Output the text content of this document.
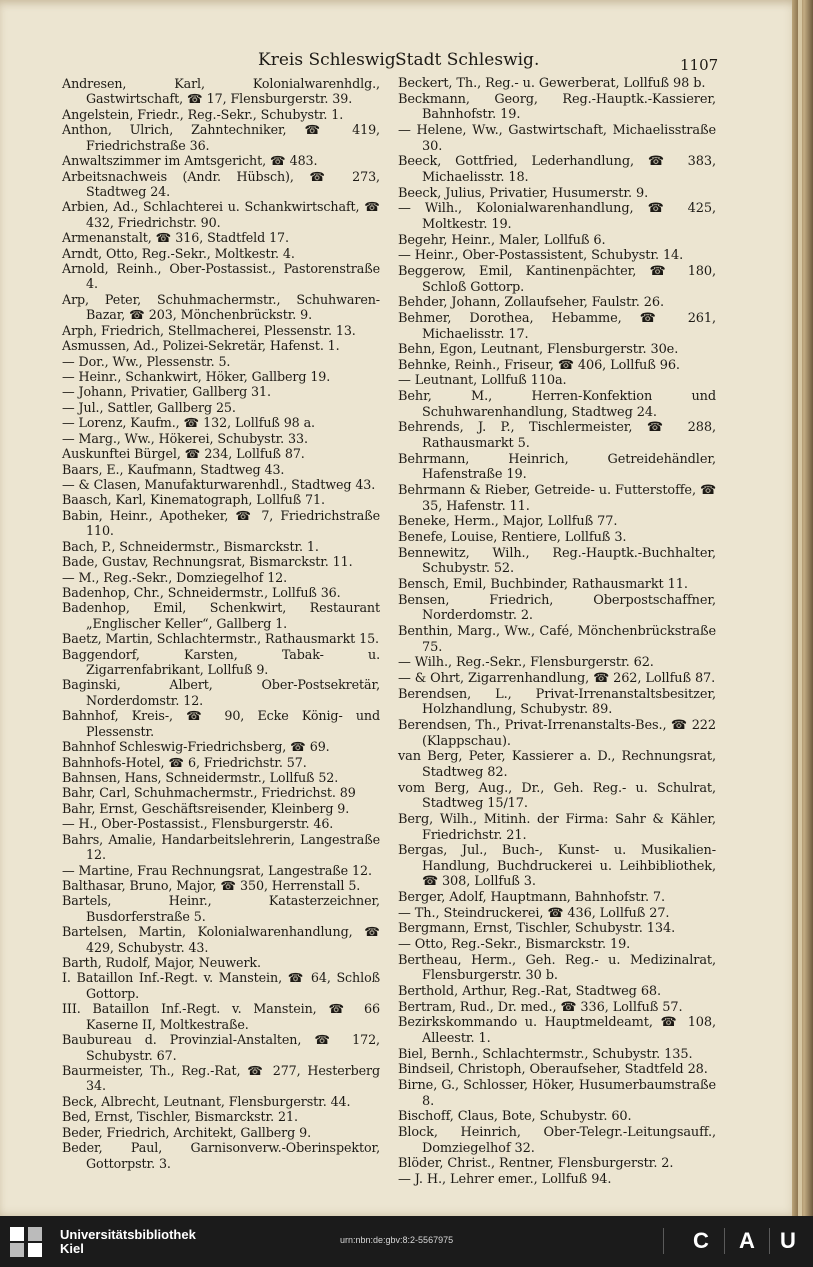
Kreis Schleswig.
Stadt Schleswig.	1107

Andresen, Karl, Kolonialwarenhdlg., Gastwirtschaft, ☎ 17, Flensburgerstr. 39.

Angelstein, Friedr., Reg.-Sekr., Schubystr. 1.

Anthon, Ulrich, Zahntechniker, ☎ 419, Friedrichstraße 36.

Anwaltszimmer im Amtsgericht, ☎ 483.

Arbeitsnachweis (Andr. Hübsch), ☎ 273, Stadtweg 24.

Arbien, Ad., Schlachterei u. Schankwirtschaft, ☎ 432, Friedrichstr. 90.

Armenanstalt, ☎ 316, Stadtfeld 17.

Arndt, Otto, Reg.-Sekr., Moltkestr. 4.

Arnold, Reinh., Ober-Postassist., Pastorenstraße 4.

Arp, Peter, Schuhmachermstr., Schuhwaren-Bazar, ☎ 203, Mönchenbrückstr. 9.

Arph, Friedrich, Stellmacherei, Plessenstr. 13.

Asmussen, Ad., Polizei-Sekretär, Hafenst. 1.

— Dor., Ww., Plessenstr. 5.

— Heinr., Schankwirt, Höker, Gallberg 19.

— Johann, Privatier, Gallberg 31.

— Jul., Sattler, Gallberg 25.

— Lorenz, Kaufm., ☎ 132, Lollfuß 98 a.

— Marg., Ww., Hökerei, Schubystr. 33.

Auskunftei Bürgel, ☎ 234, Lollfuß 87.

Baars, E., Kaufmann, Stadtweg 43.

— & Clasen, Manufakturwarenhdl., Stadtweg 43.

Baasch, Karl, Kinematograph, Lollfuß 71.

Babin, Heinr., Apotheker, ☎ 7, Friedrichstraße 110.

Bach, P., Schneidermstr., Bismarckstr. 1.

Bade, Gustav, Rechnungsrat, Bismarckstr. 11.

— M., Reg.-Sekr., Domziegelhof 12.

Badenhop, Chr., Schneidermstr., Lollfuß 36.

Badenhop, Emil, Schenkwirt, Restaurant „Englischer Keller“, Gallberg 1.

Baetz, Martin, Schlachtermstr., Rathausmarkt 15.

Baggendorf, Karsten, Tabak- u. Zigarrenfabrikant, Lollfuß 9.

Baginski, Albert, Ober-Postsekretär, Norderdomstr. 12.

Bahnhof, Kreis-, ☎ 90, Ecke König- und Plessenstr.

Bahnhof Schleswig-Friedrichsberg, ☎ 69.

Bahnhofs-Hotel, ☎ 6, Friedrichstr. 57.

Bahnsen, Hans, Schneidermstr., Lollfuß 52.

Bahr, Carl, Schuhmachermstr., Friedrichst. 89

Bahr, Ernst, Geschäftsreisender, Kleinberg 9.

— H., Ober-Postassist., Flensburgerstr. 46.

Bahrs, Amalie, Handarbeitslehrerin, Langestraße 12.

— Martine, Frau Rechnungsrat, Langestraße 12.

Balthasar, Bruno, Major, ☎ 350, Herrenstall 5.

Bartels, Heinr., Katasterzeichner, Busdorferstraße 5.

Bartelsen, Martin, Kolonialwarenhandlung, ☎ 429, Schubystr. 43.

Barth, Rudolf, Major, Neuwerk.

I. Bataillon Inf.-Regt. v. Manstein, ☎ 64, Schloß Gottorp.

III. Bataillon Inf.-Regt. v. Manstein, ☎ 66 Kaserne II, Moltkestraße.

Baubureau d. Provinzial-Anstalten, ☎ 172, Schubystr. 67.

Baurmeister, Th., Reg.-Rat, ☎ 277, Hesterberg 34.

Beck, Albrecht, Leutnant, Flensburgerstr. 44.

Bed, Ernst, Tischler, Bismarckstr. 21.

Beder, Friedrich, Architekt, Gallberg 9.

Beder, Paul, Garnisonverw.-Oberinspektor, Gottorpstr. 3.

Beckert, Th., Reg.- u. Gewerberat, Lollfuß 98 b.

Beckmann, Georg, Reg.-Hauptk.-Kassierer, Bahnhofstr. 19.

— Helene, Ww., Gastwirtschaft, Michaelisstraße 30.

Beeck, Gottfried, Lederhandlung, ☎ 383, Michaelisstr. 18.

Beeck, Julius, Privatier, Husumerstr. 9.

— Wilh., Kolonialwarenhandlung, ☎ 425, Moltkestr. 19.

Begehr, Heinr., Maler, Lollfuß 6.

— Heinr., Ober-Postassistent, Schubystr. 14.

Beggerow, Emil, Kantinenpächter, ☎ 180, Schloß Gottorp.

Behder, Johann, Zollaufseher, Faulstr. 26.

Behmer, Dorothea, Hebamme, ☎ 261, Michaelisstr. 17.

Behn, Egon, Leutnant, Flensburgerstr. 30e.

Behnke, Reinh., Friseur, ☎ 406, Lollfuß 96.

— Leutnant, Lollfuß 110a.

Behr, M., Herren-Konfektion und Schuhwarenhandlung, Stadtweg 24.

Behrends, J. P., Tischlermeister, ☎ 288, Rathausmarkt 5.

Behrmann, Heinrich, Getreidehändler, Hafenstraße 19.

Behrmann & Rieber, Getreide- u. Futterstoffe, ☎ 35, Hafenstr. 11.

Beneke, Herm., Major, Lollfuß 77.

Benefe, Louise, Rentiere, Lollfuß 3.

Bennewitz, Wilh., Reg.-Hauptk.-Buchhalter, Schubystr. 52.

Bensch, Emil, Buchbinder, Rathausmarkt 11.

Bensen, Friedrich, Oberpostschaffner, Norderdomstr. 2.

Benthin, Marg., Ww., Café, Mönchenbrückstraße 75.

— Wilh., Reg.-Sekr., Flensburgerstr. 62.

— & Ohrt, Zigarrenhandlung, ☎ 262, Lollfuß 87.

Berendsen, L., Privat-Irrenanstaltsbesitzer, Holzhandlung, Schubystr. 89.

Berendsen, Th., Privat-Irrenanstalts-Bes., ☎ 222 (Klappschau).

van Berg, Peter, Kassierer a. D., Rechnungsrat, Stadtweg 82.

vom Berg, Aug., Dr., Geh. Reg.- u. Schulrat, Stadtweg 15/17.

Berg, Wilh., Mitinh. der Firma: Sahr & Kähler, Friedrichstr. 21.

Bergas, Jul., Buch-, Kunst- u. Musikalien-Handlung, Buchdruckerei u. Leihbibliothek, ☎ 308, Lollfuß 3.

Berger, Adolf, Hauptmann, Bahnhofstr. 7.

— Th., Steindruckerei, ☎ 436, Lollfuß 27.

Bergmann, Ernst, Tischler, Schubystr. 134.

— Otto, Reg.-Sekr., Bismarckstr. 19.

Bertheau, Herm., Geh. Reg.- u. Medizinalrat, Flensburgerstr. 30 b.

Berthold, Arthur, Reg.-Rat, Stadtweg 68.

Bertram, Rud., Dr. med., ☎ 336, Lollfuß 57.

Bezirkskommando u. Hauptmeldeamt, ☎ 108, Alleestr. 1.

Biel, Bernh., Schlachtermstr., Schubystr. 135.

Bindseil, Christoph, Oberaufseher, Stadtfeld 28.

Birne, G., Schlosser, Höker, Husumerbaumstraße 8.

Bischoff, Claus, Bote, Schubystr. 60.

Block, Heinrich, Ober-Telegr.-Leitungsauff., Domziegelhof 32.

Blöder, Christ., Rentner, Flensburgerstr. 2.

— J. H., Lehrer emer., Lollfuß 94.

Universitätsbibliothek
Kiel
urn:nbn:de:gbv:8:2-5567975	C	A	U
